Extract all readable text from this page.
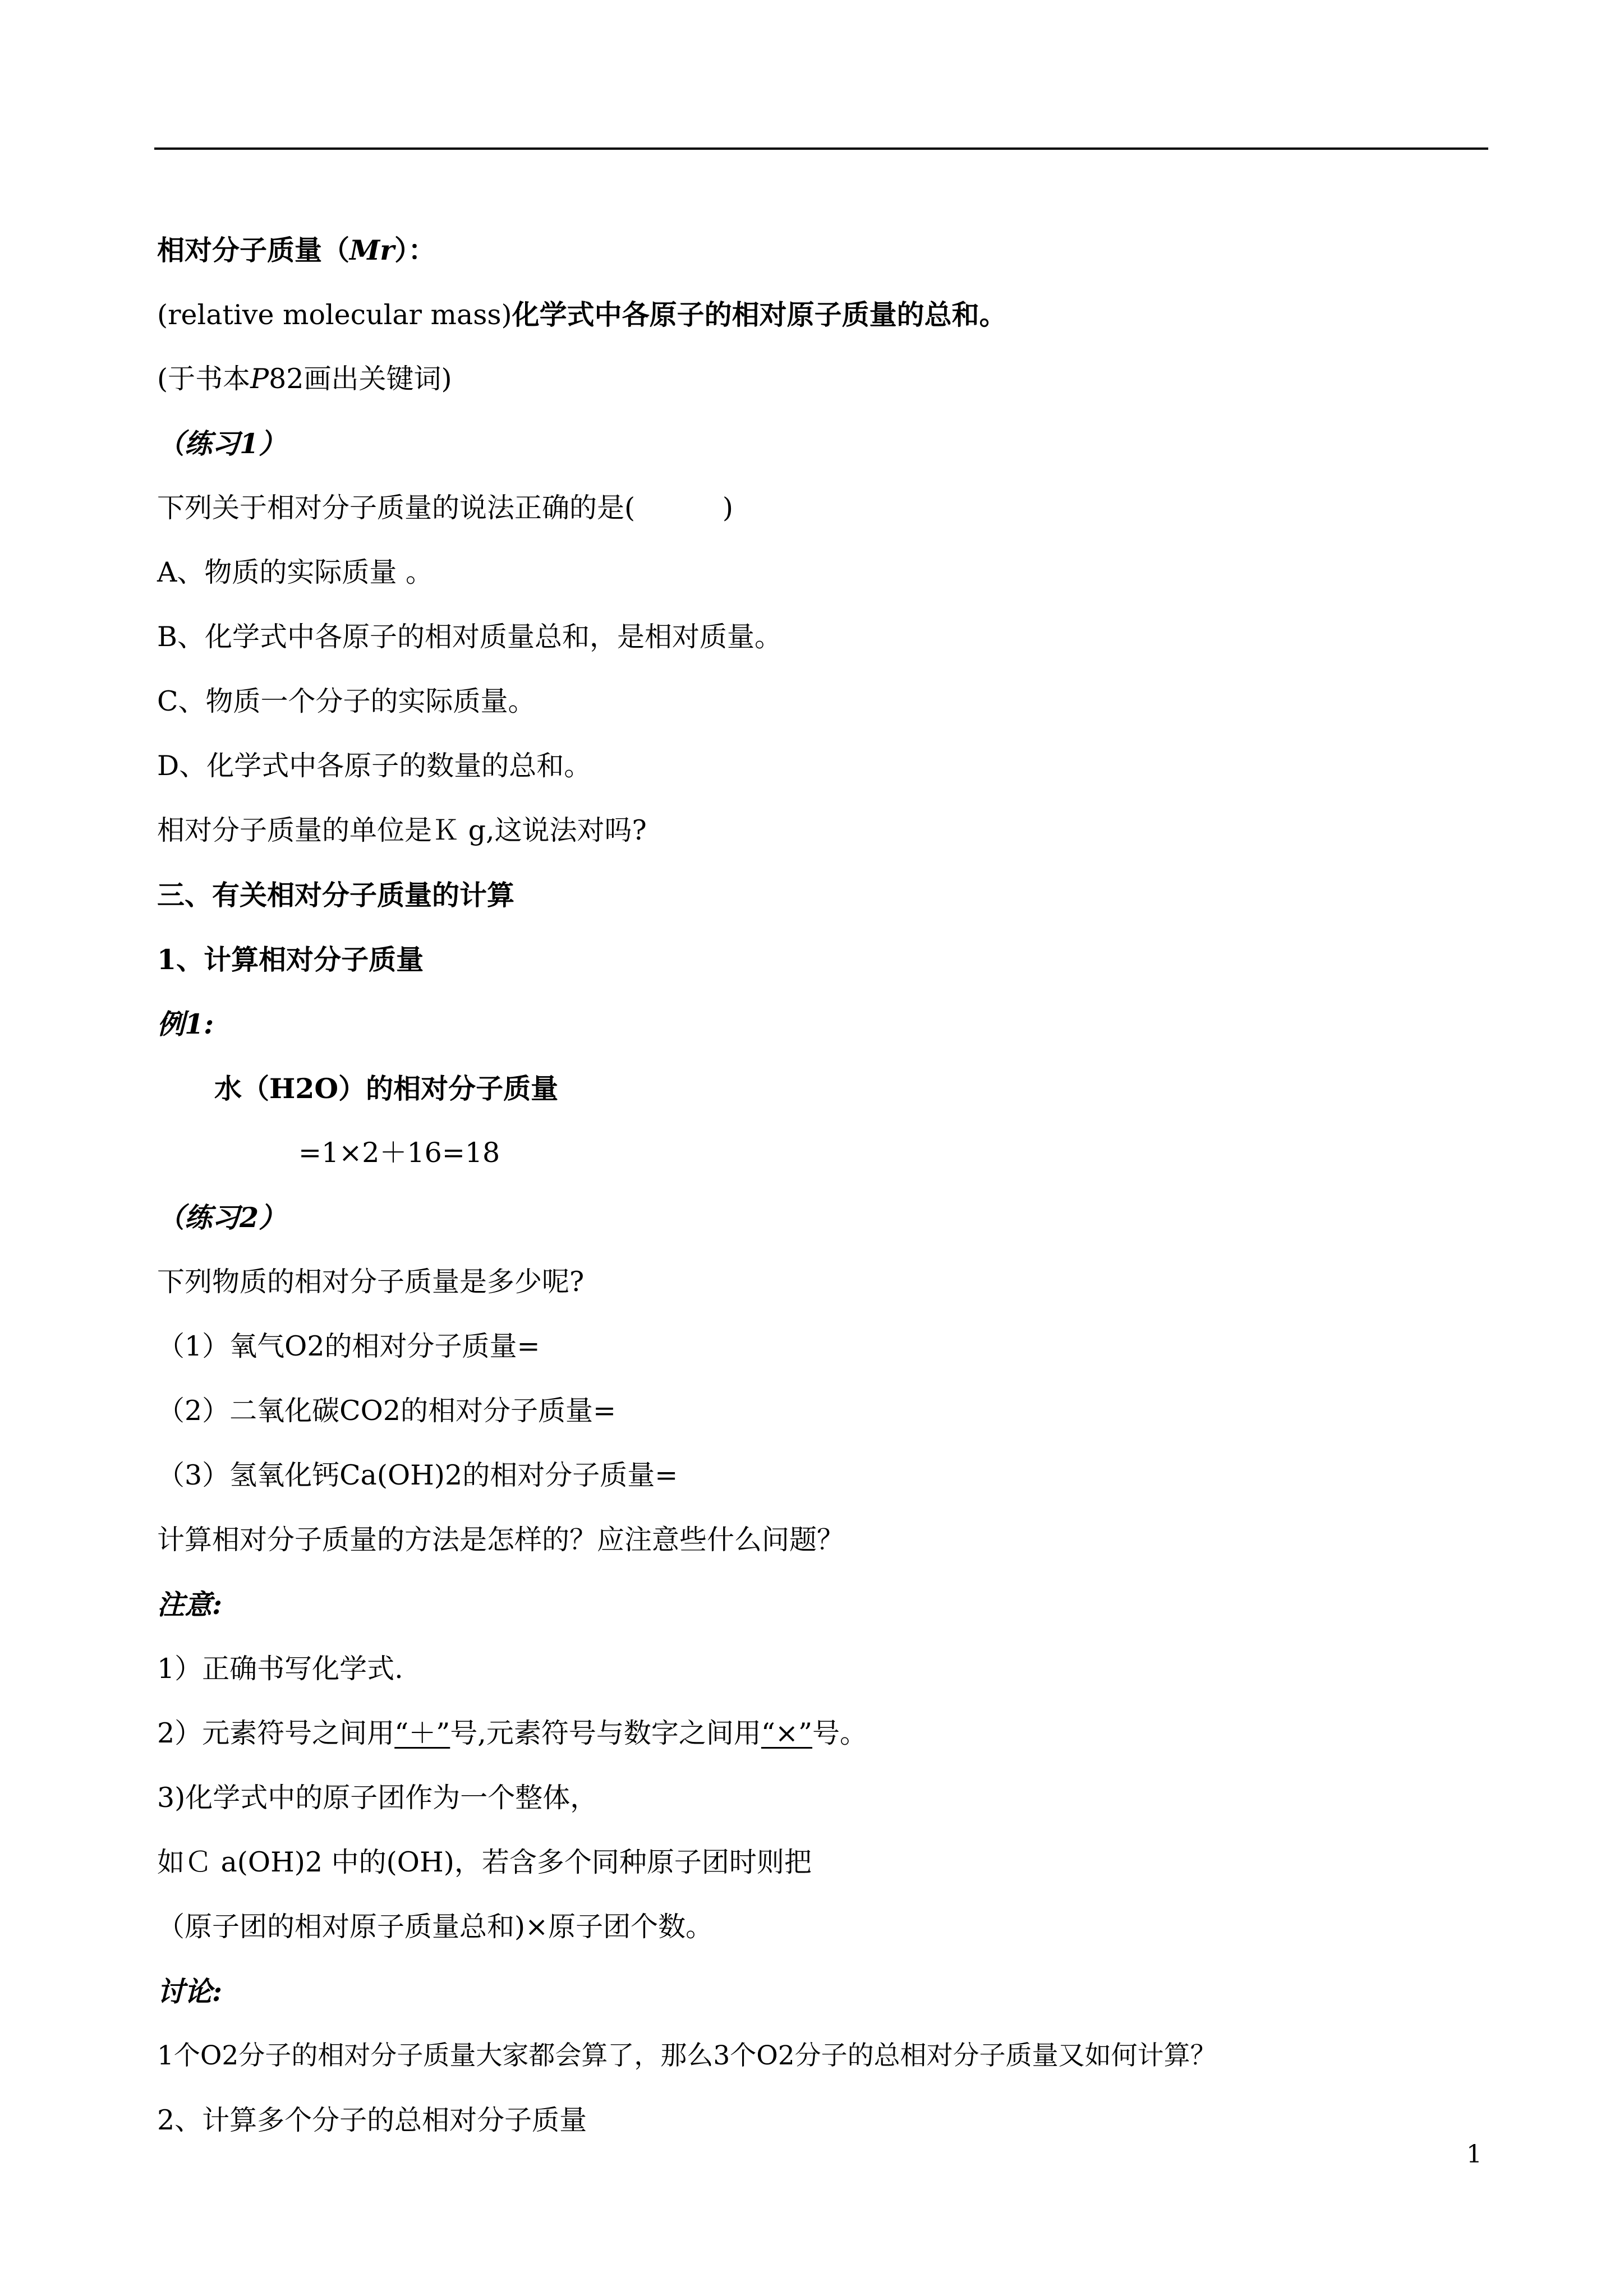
相对分子质量（Mr）：
(relative molecular mass)化学式中各原子的相对原子质量的总和。
(于书本P82画出关键词)
（练习1）
下列关于相对分子质量的说法正确的是(          )
A、物质的实际质量 。
B、化学式中各原子的相对质量总和，是相对质量。
C、物质一个分子的实际质量。
D、化学式中各原子的数量的总和。
相对分子质量的单位是Ｋ g,这说法对吗?
三、有关相对分子质量的计算
1、计算相对分子质量
例1:
水（H2O）的相对分子质量
=1×2＋16=18
（练习2）
下列物质的相对分子质量是多少呢?
（1）氧气O2的相对分子质量=
（2）二氧化碳CO2的相对分子质量=
（3）氢氧化钙Ca(OH)2的相对分子质量=
计算相对分子质量的方法是怎样的？应注意些什么问题？
注意:
1）正确书写化学式.
2）元素符号之间用“＋”号,元素符号与数字之间用“×”号。
3)化学式中的原子团作为一个整体，
如Ｃ a(OH)2 中的(OH)，若含多个同种原子团时则把
（原子团的相对原子质量总和)×原子团个数。
讨论:
1个O2分子的相对分子质量大家都会算了，那么3个O2分子的总相对分子质量又如何计算？
2、计算多个分子的总相对分子质量
1
